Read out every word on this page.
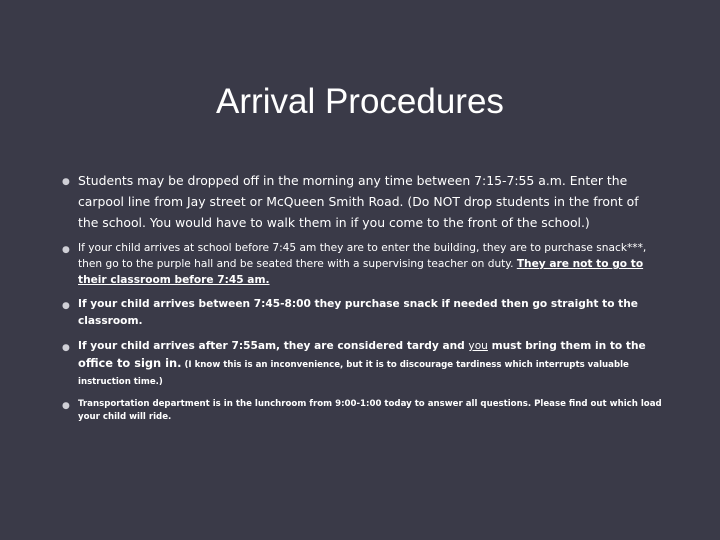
Arrival Procedures
● Students may be dropped off in the morning any time between 7:15-7:55 a.m. Enter the carpool line from Jay street or McQueen Smith Road. (Do NOT drop students in the front of the school. You would have to walk them in if you come to the front of the school.)
● If your child arrives at school before 7:45 am they are to enter the building, they are to purchase snack***, then go to the purple hall and be seated there with a supervising teacher on duty. They are not to go to their classroom before 7:45 am.
● If your child arrives between 7:45-8:00 they purchase snack if needed then go straight to the classroom.
● If your child arrives after 7:55am, they are considered tardy and you must bring them in to the office to sign in. (I know this is an inconvenience, but it is to discourage tardiness which interrupts valuable instruction time.)
● Transportation department is in the lunchroom from 9:00-1:00 today to answer all questions. Please find out which load your child will ride.
